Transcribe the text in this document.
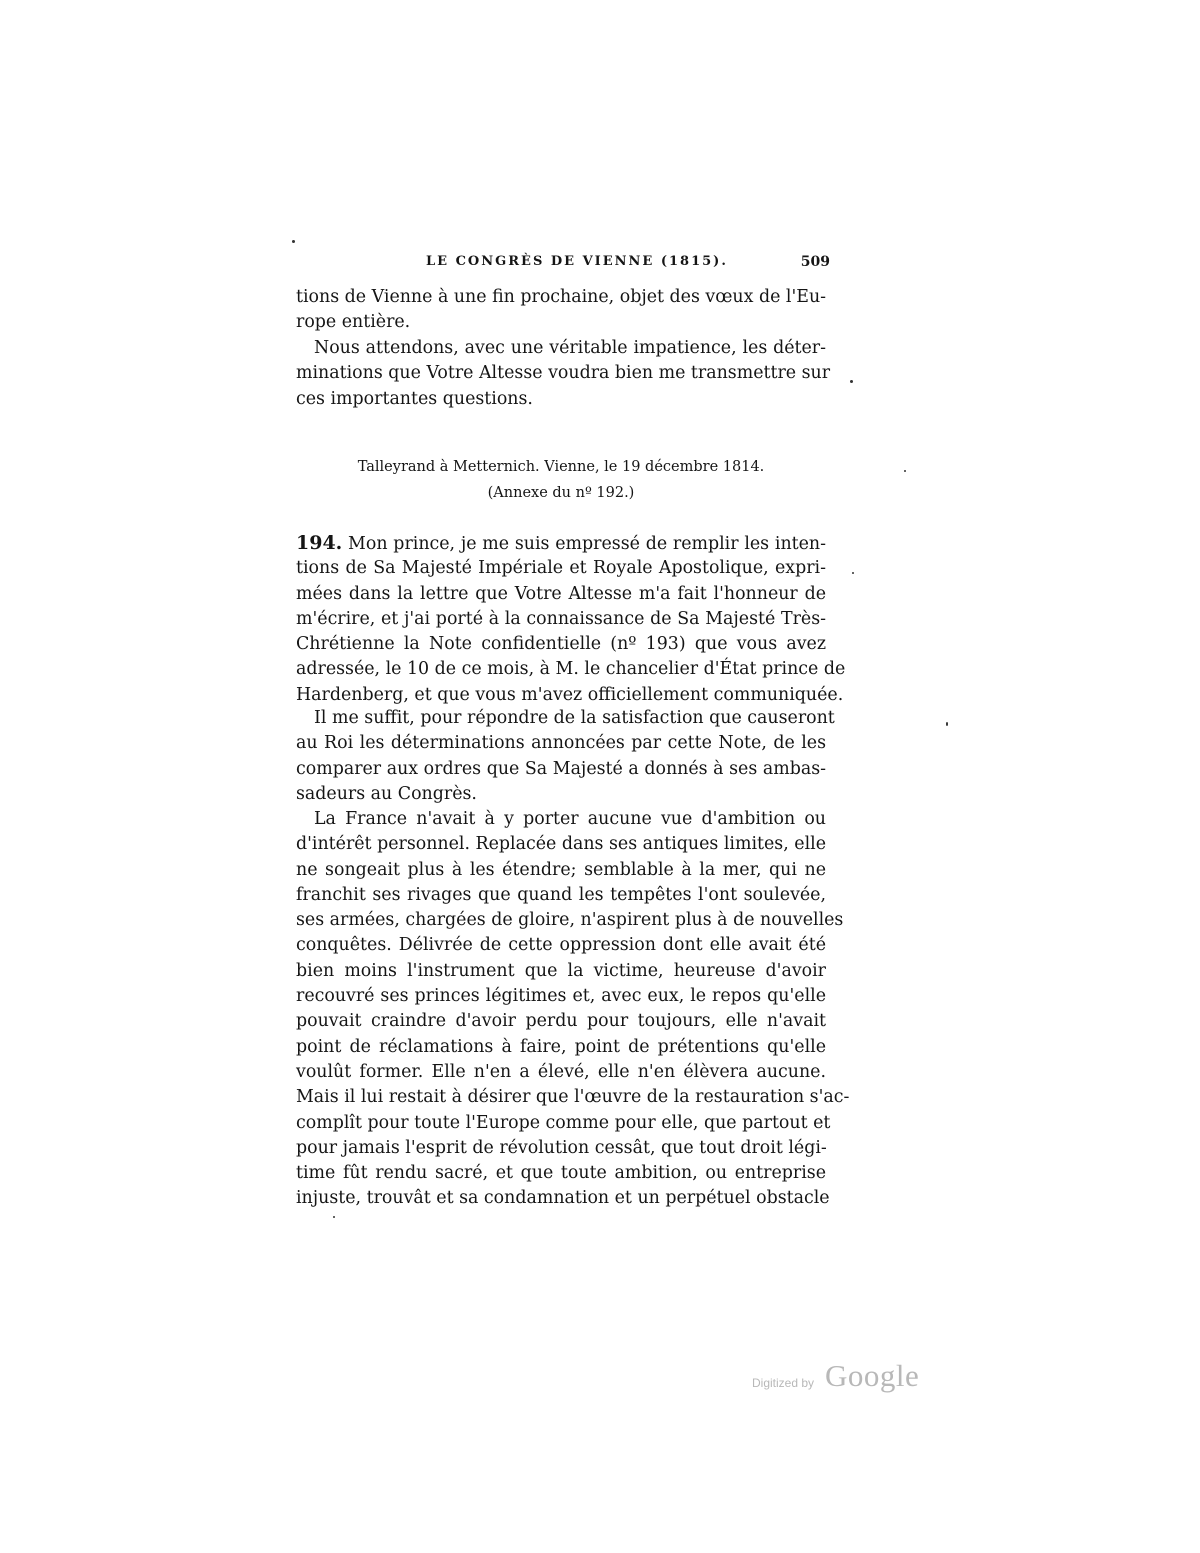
LE CONGRÈS DE VIENNE (1815).	509
tions de Vienne à une fin prochaine, objet des vœux de l'Eu-
rope entière.
Nous attendons, avec une véritable impatience, les déter-
minations que Votre Altesse voudra bien me transmettre sur
ces importantes questions.
Talleyrand à Metternich. Vienne, le 19 décembre 1814.
(Annexe du nº 192.)
194. Mon prince, je me suis empressé de remplir les inten-
tions de Sa Majesté Impériale et Royale Apostolique, expri-
mées dans la lettre que Votre Altesse m'a fait l'honneur de
m'écrire, et j'ai porté à la connaissance de Sa Majesté Très-
Chrétienne la Note confidentielle (nº 193) que vous avez
adressée, le 10 de ce mois, à M. le chancelier d'État prince de
Hardenberg, et que vous m'avez officiellement communiquée.
Il me suffit, pour répondre de la satisfaction que causeront
au Roi les déterminations annoncées par cette Note, de les
comparer aux ordres que Sa Majesté a donnés à ses ambas-
sadeurs au Congrès.
La France n'avait à y porter aucune vue d'ambition ou
d'intérêt personnel. Replacée dans ses antiques limites, elle
ne songeait plus à les étendre; semblable à la mer, qui ne
franchit ses rivages que quand les tempêtes l'ont soulevée,
ses armées, chargées de gloire, n'aspirent plus à de nouvelles
conquêtes. Délivrée de cette oppression dont elle avait été
bien moins l'instrument que la victime, heureuse d'avoir
recouvré ses princes légitimes et, avec eux, le repos qu'elle
pouvait craindre d'avoir perdu pour toujours, elle n'avait
point de réclamations à faire, point de prétentions qu'elle
voulût former. Elle n'en a élevé, elle n'en élèvera aucune.
Mais il lui restait à désirer que l'œuvre de la restauration s'ac-
complît pour toute l'Europe comme pour elle, que partout et
pour jamais l'esprit de révolution cessât, que tout droit légi-
time fût rendu sacré, et que toute ambition, ou entreprise
injuste, trouvât et sa condamnation et un perpétuel obstacle
Digitized by Google
